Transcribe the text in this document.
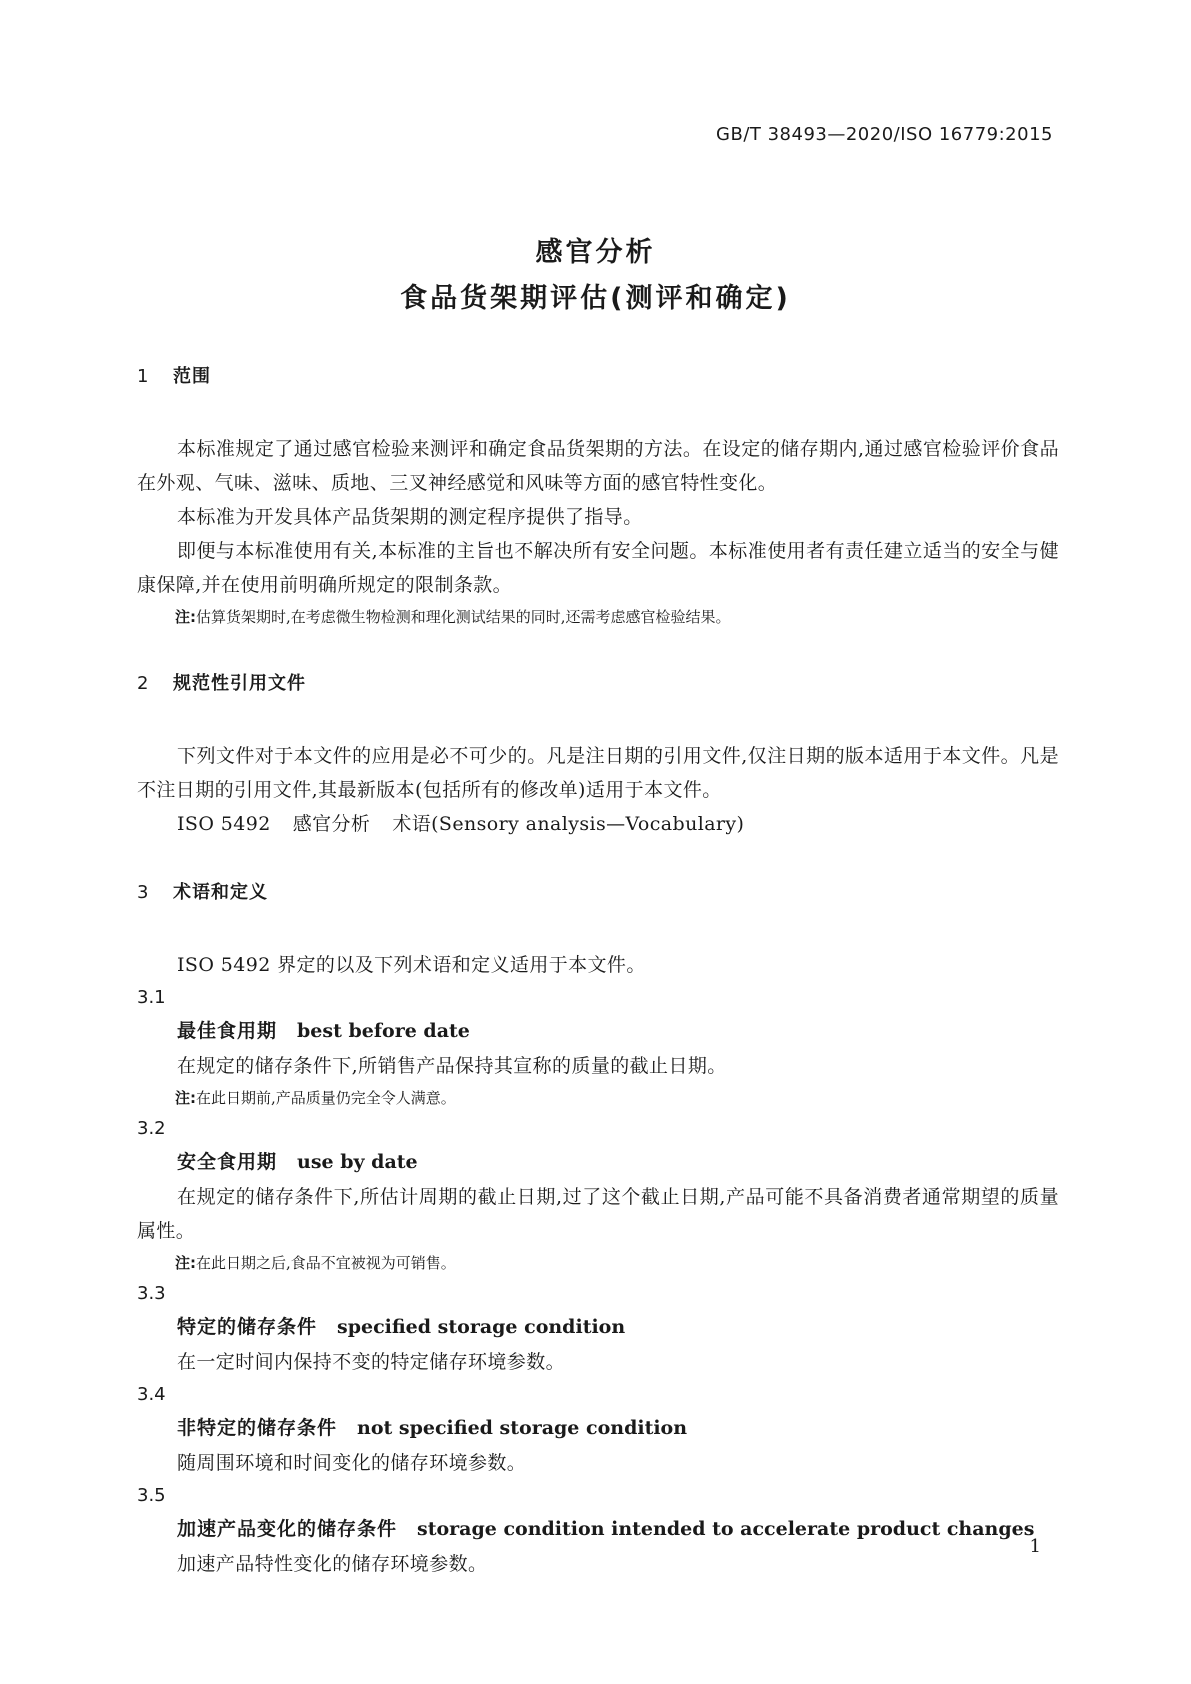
GB/T 38493—2020/ISO 16779:2015
感官分析
食品货架期评估(测评和确定)
1 范围

本标准规定了通过感官检验来测评和确定食品货架期的方法。在设定的储存期内,通过感官检验评价食品在外观、气味、滋味、质地、三叉神经感觉和风味等方面的感官特性变化。

本标准为开发具体产品货架期的测定程序提供了指导。

即便与本标准使用有关,本标准的主旨也不解决所有安全问题。本标准使用者有责任建立适当的安全与健康保障,并在使用前明确所规定的限制条款。

注:估算货架期时,在考虑微生物检测和理化测试结果的同时,还需考虑感官检验结果。
2 规范性引用文件

下列文件对于本文件的应用是必不可少的。凡是注日期的引用文件,仅注日期的版本适用于本文件。凡是不注日期的引用文件,其最新版本(包括所有的修改单)适用于本文件。

ISO 5492 感官分析 术语(Sensory analysis—Vocabulary)
3 术语和定义

ISO 5492 界定的以及下列术语和定义适用于本文件。

3.1
最佳食用期 best before date
在规定的储存条件下,所销售产品保持其宣称的质量的截止日期。
注:在此日期前,产品质量仍完全令人满意。
3.2
安全食用期 use by date
在规定的储存条件下,所估计周期的截止日期,过了这个截止日期,产品可能不具备消费者通常期望的质量属性。
注:在此日期之后,食品不宜被视为可销售。
3.3
特定的储存条件 specified storage condition
在一定时间内保持不变的特定储存环境参数。
3.4
非特定的储存条件 not specified storage condition
随周围环境和时间变化的储存环境参数。
3.5
加速产品变化的储存条件 storage condition intended to accelerate product changes
加速产品特性变化的储存环境参数。
1
